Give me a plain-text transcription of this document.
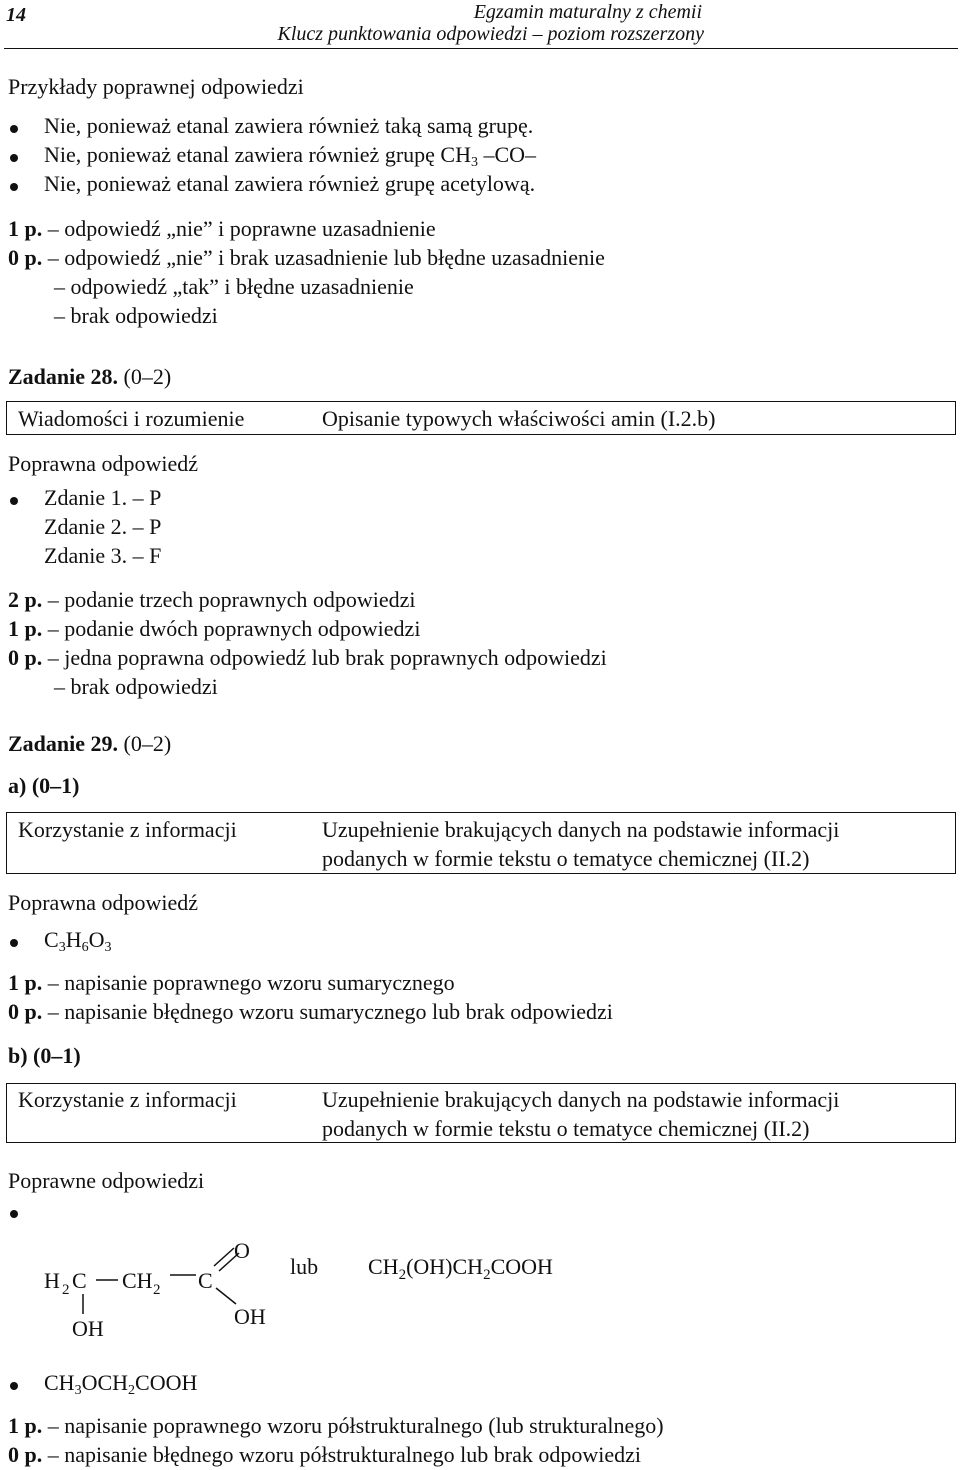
14	Egzamin maturalny z chemii
Klucz punktowania odpowiedzi – poziom rozszerzony
Przykłady poprawnej odpowiedzi
Nie, ponieważ etanal zawiera również taką samą grupę.
Nie, ponieważ etanal zawiera również grupę $CH_3$ –CO–
Nie, ponieważ etanal zawiera również grupę acetylową.
1 p. – odpowiedź „nie” i poprawne uzasadnienie
0 p. – odpowiedź „nie” i brak uzasadnienie lub błędne uzasadnienie
– odpowiedź „tak” i błędne uzasadnienie
– brak odpowiedzi
Zadanie 28. (0–2)
Wiadomości i rozumienie	Opisanie typowych właściwości amin (I.2.b)
Poprawna odpowiedź
Zdanie 1. – P
Zdanie 2. – P
Zdanie 3. – F
2 p. – podanie trzech poprawnych odpowiedzi
1 p. – podanie dwóch poprawnych odpowiedzi
0 p. – jedna poprawna odpowiedź lub brak poprawnych odpowiedzi
– brak odpowiedzi
Zadanie 29. (0–2)
a) (0–1)
Korzystanie z informacji	Uzupełnienie brakujących danych na podstawie informacji
podanych w formie tekstu o tematyce chemicznej (II.2)
Poprawna odpowiedź
$C_3H_6O_3$
1 p. – napisanie poprawnego wzoru sumarycznego
0 p. – napisanie błędnego wzoru sumarycznego lub brak odpowiedzi
b) (0–1)
Korzystanie z informacji	Uzupełnienie brakujących danych na podstawie informacji
podanych w formie tekstu o tematyce chemicznej (II.2)
Poprawne odpowiedzi
H 2 C CH 2 C
O
OH
OH
lub $CH_2(OH)CH_2COOH$
$CH_3OCH_2COOH$
1 p. – napisanie poprawnego wzoru półstrukturalnego (lub strukturalnego)
0 p. – napisanie błędnego wzoru półstrukturalnego lub brak odpowiedzi
